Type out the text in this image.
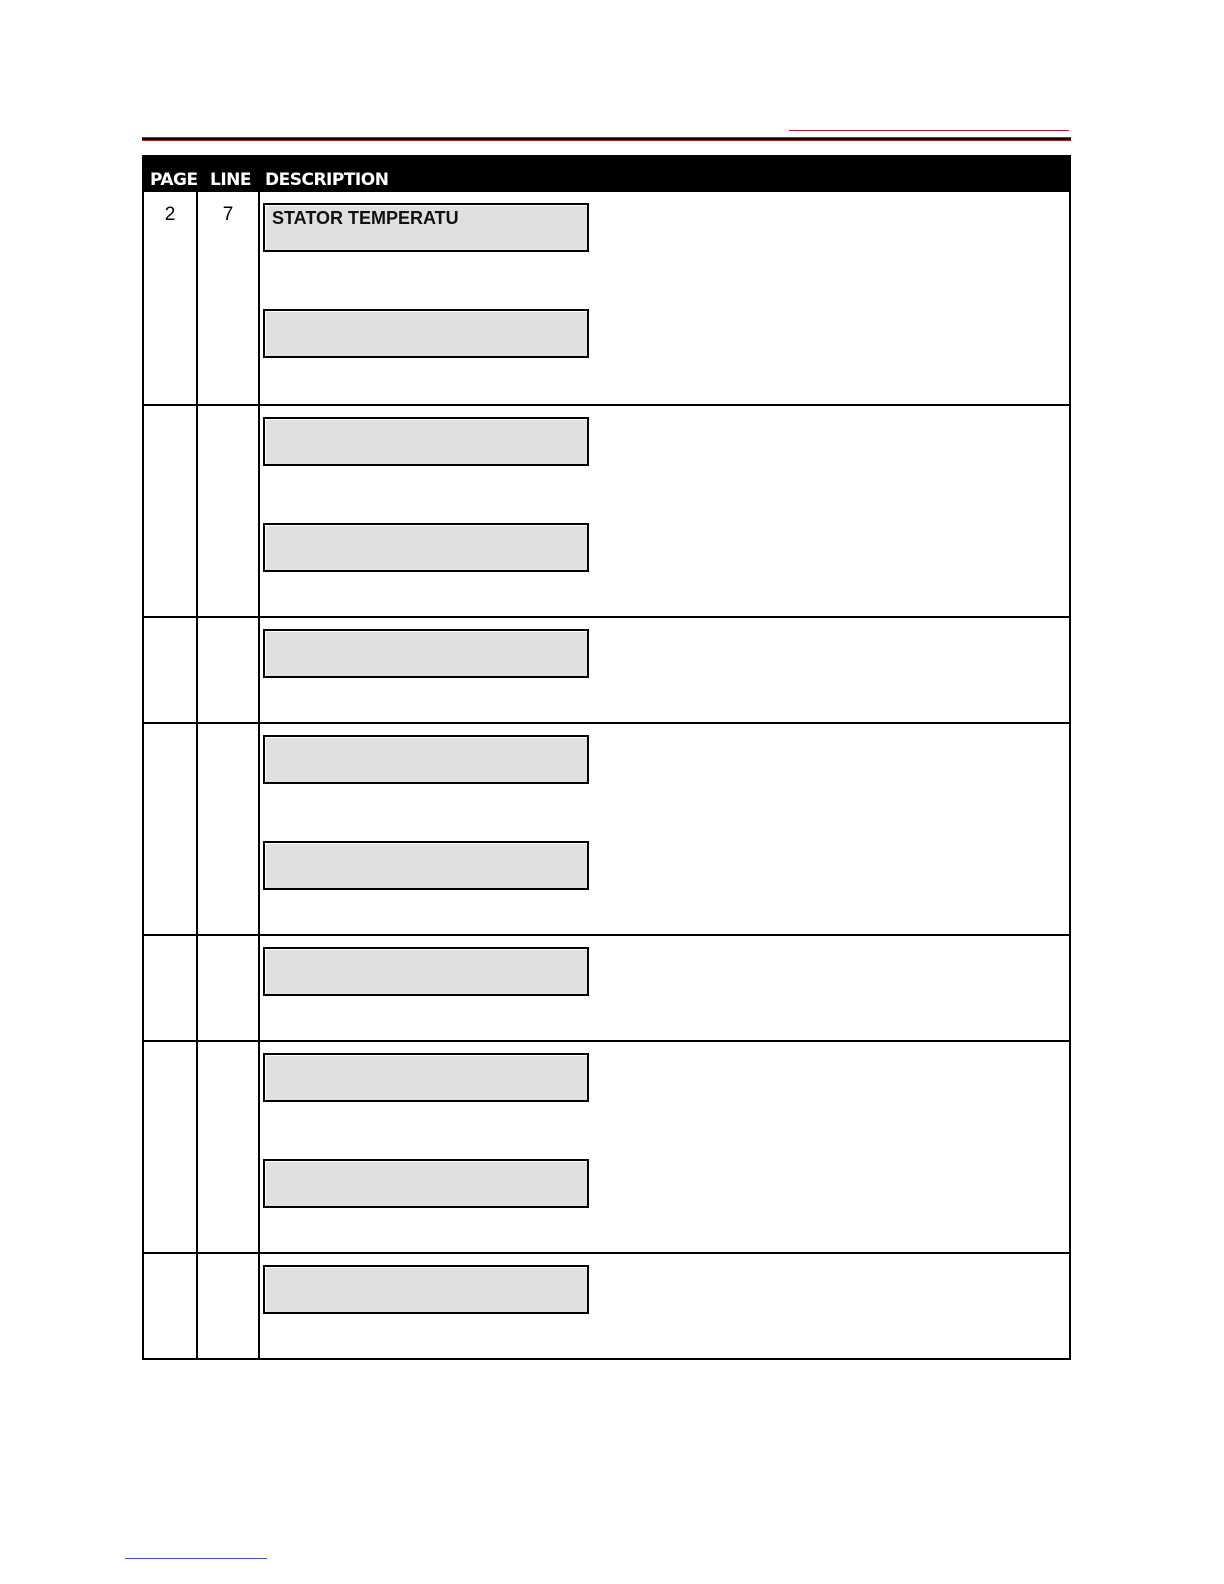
PAGE LINE DESCRIPTION
2	7	STATOR TEMPERATU
